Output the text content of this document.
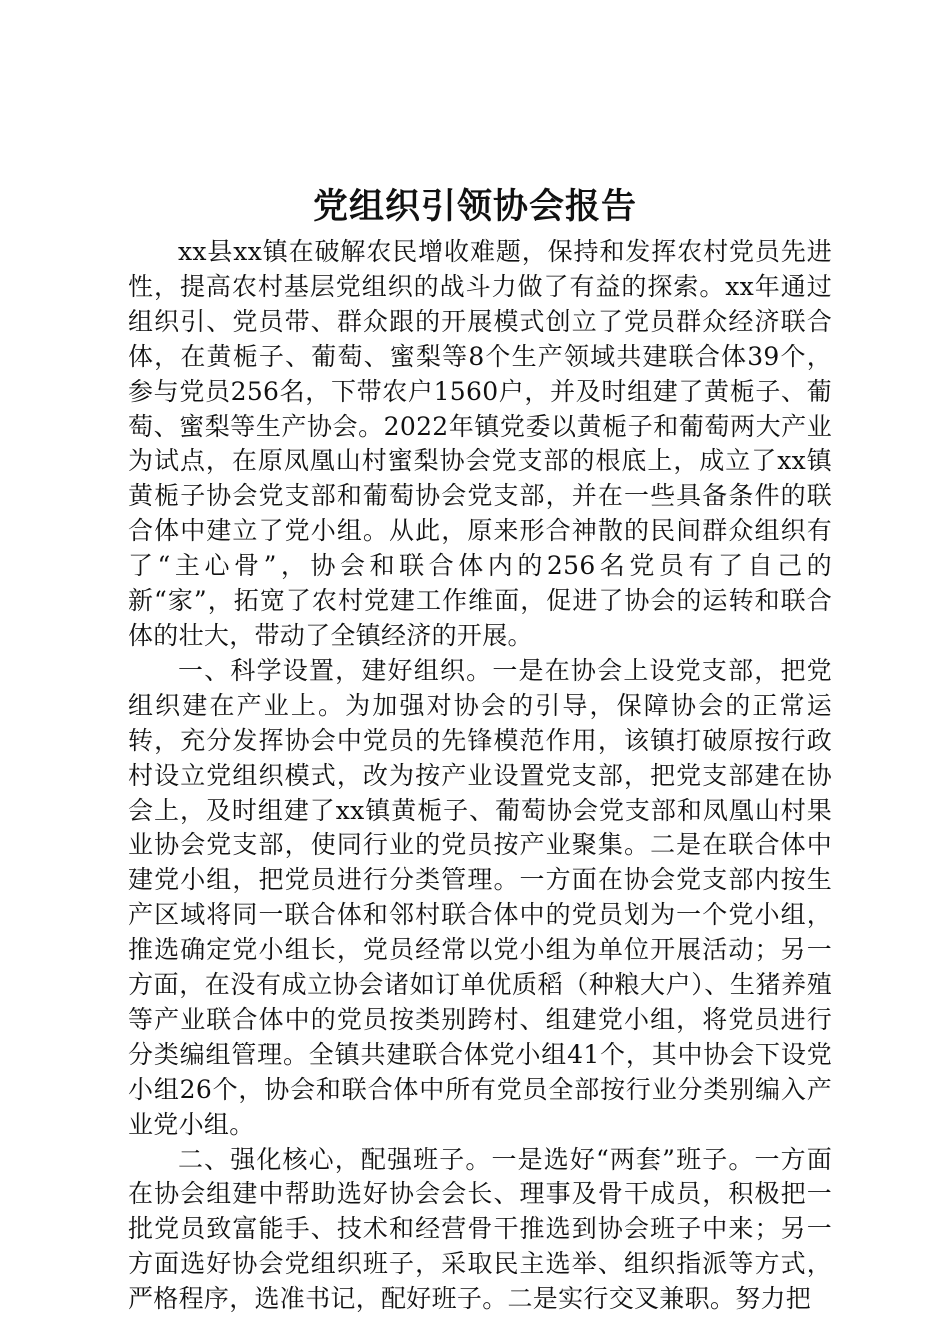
党组织引领协会报告

xx县xx镇在破解农民增收难题，保持和发挥农村党员先进性，提高农村基层党组织的战斗力做了有益的探索。xx年通过组织引、党员带、群众跟的开展模式创立了党员群众经济联合体，在黄栀子、葡萄、蜜梨等8个生产领域共建联合体39个，参与党员256名，下带农户1560户，并及时组建了黄栀子、葡萄、蜜梨等生产协会。2022年镇党委以黄栀子和葡萄两大产业为试点，在原凤凰山村蜜梨协会党支部的根底上，成立了xx镇黄栀子协会党支部和葡萄协会党支部，并在一些具备条件的联合体中建立了党小组。从此，原来形合神散的民间群众组织有了“主心骨”，协会和联合体内的256名党员有了自己的新“家”，拓宽了农村党建工作维面，促进了协会的运转和联合体的壮大，带动了全镇经济的开展。

一、科学设置，建好组织。一是在协会上设党支部，把党组织建在产业上。为加强对协会的引导，保障协会的正常运转，充分发挥协会中党员的先锋模范作用，该镇打破原按行政村设立党组织模式，改为按产业设置党支部，把党支部建在协会上，及时组建了xx镇黄栀子、葡萄协会党支部和凤凰山村果业协会党支部，使同行业的党员按产业聚集。二是在联合体中建党小组，把党员进行分类管理。一方面在协会党支部内按生产区域将同一联合体和邻村联合体中的党员划为一个党小组，推选确定党小组长，党员经常以党小组为单位开展活动；另一方面，在没有成立协会诸如订单优质稻（种粮大户）、生猪养殖等产业联合体中的党员按类别跨村、组建党小组，将党员进行分类编组管理。全镇共建联合体党小组41个，其中协会下设党小组26个，协会和联合体中所有党员全部按行业分类别编入产业党小组。

二、强化核心，配强班子。一是选好“两套”班子。一方面在协会组建中帮助选好协会会长、理事及骨干成员，积极把一批党员致富能手、技术和经营骨干推选到协会班子中来；另一方面选好协会党组织班子，采取民主选举、组织指派等方式，严格程序，选准书记，配好班子。二是实行交叉兼职。努力把
